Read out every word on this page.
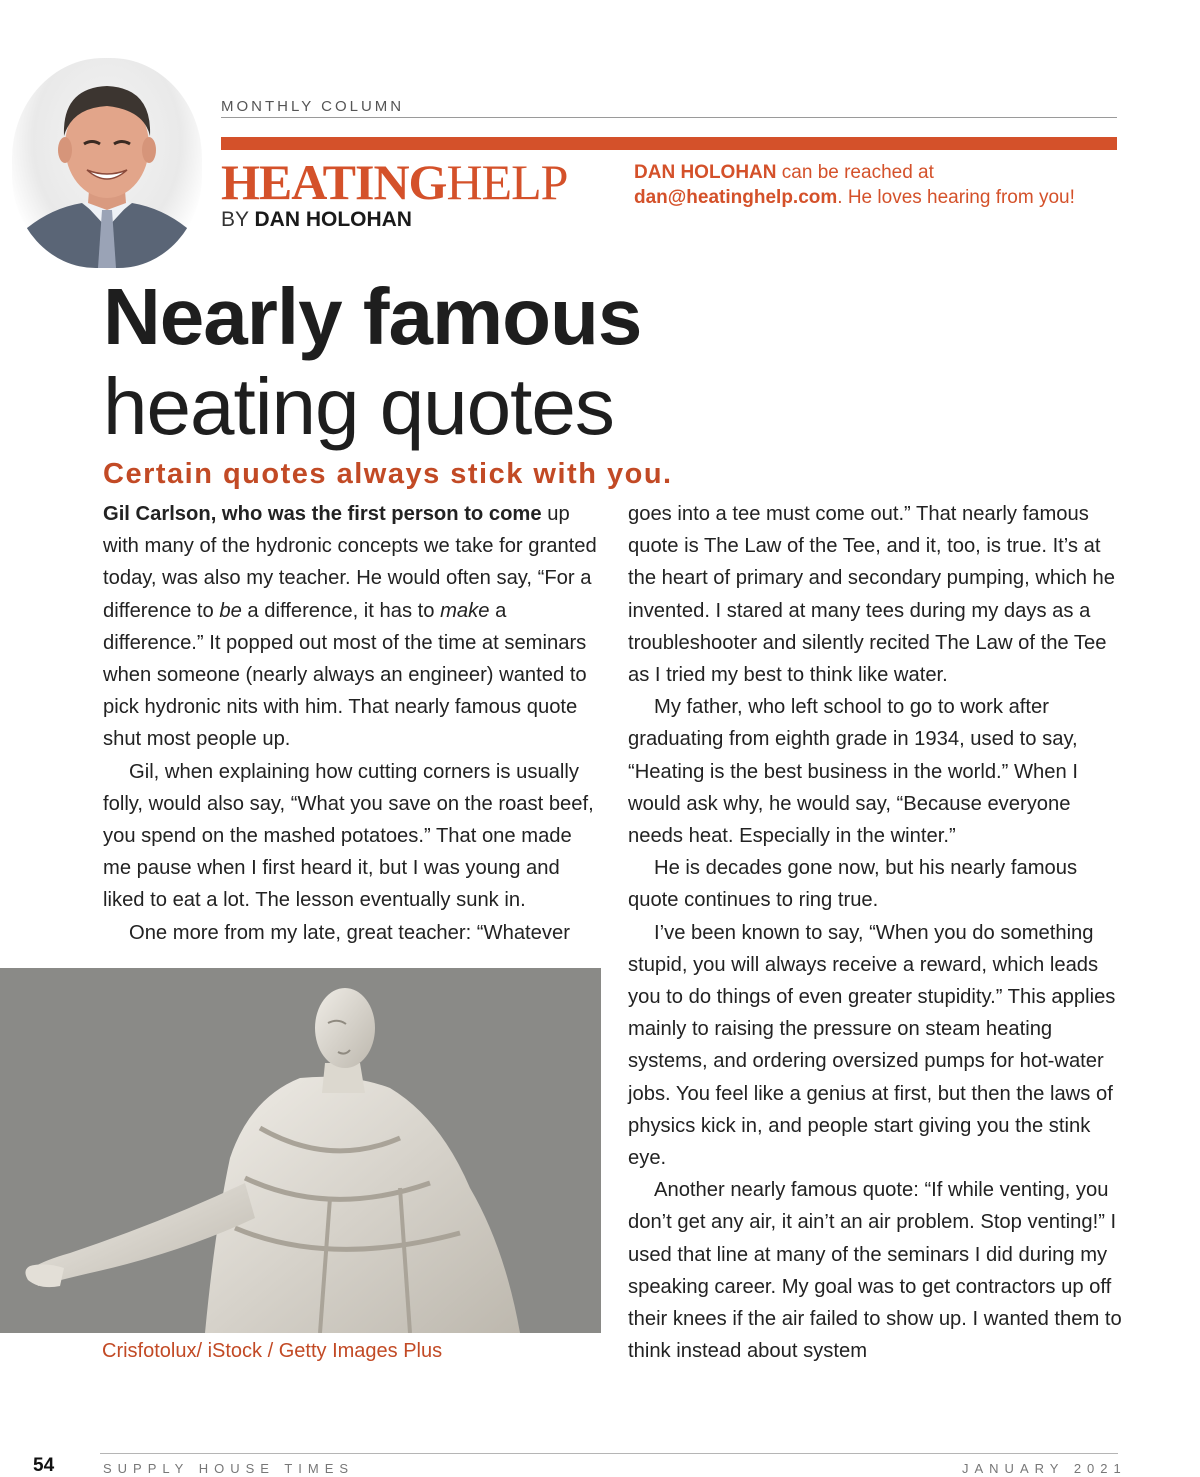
MONTHLY COLUMN
HEATINGHELP
BY DAN HOLOHAN
DAN HOLOHAN can be reached at
dan@heatinghelp.com. He loves hearing from you!
Nearly famous
heating quotes
Certain quotes always stick with you.

Gil Carlson, who was the first person to come up with many of the hydronic concepts we take for granted today, was also my teacher. He would often say, “For a difference to be a difference, it has to make a difference.” It popped out most of the time at seminars when someone (nearly always an engineer) wanted to pick hydronic nits with him. That nearly famous quote shut most people up.

Gil, when explaining how cutting corners is usually folly, would also say, “What you save on the roast beef, you spend on the mashed potatoes.” That one made me pause when I first heard it, but I was young and liked to eat a lot. The lesson eventually sunk in.

One more from my late, great teacher: “Whatever

Crisfotolux/ iStock / Getty Images Plus

goes into a tee must come out.” That nearly famous quote is The Law of the Tee, and it, too, is true. It’s at the heart of primary and secondary pumping, which he invented. I stared at many tees during my days as a troubleshooter and silently recited The Law of the Tee as I tried my best to think like water.

My father, who left school to go to work after graduating from eighth grade in 1934, used to say, “Heating is the best business in the world.” When I would ask why, he would say, “Because everyone needs heat. Especially in the winter.”

He is decades gone now, but his nearly famous quote continues to ring true.

I’ve been known to say, “When you do something stupid, you will always receive a reward, which leads you to do things of even greater stupidity.” This applies mainly to raising the pressure on steam heating systems, and ordering oversized pumps for hot-water jobs. You feel like a genius at first, but then the laws of physics kick in, and people start giving you the stink eye.

Another nearly famous quote: “If while venting, you don’t get any air, it ain’t an air problem. Stop venting!” I used that line at many of the seminars I did during my speaking career. My goal was to get contractors up off their knees if the air failed to show up. I wanted them to think instead about system

54	SUPPLY HOUSE TIMES	JANUARY 2021
